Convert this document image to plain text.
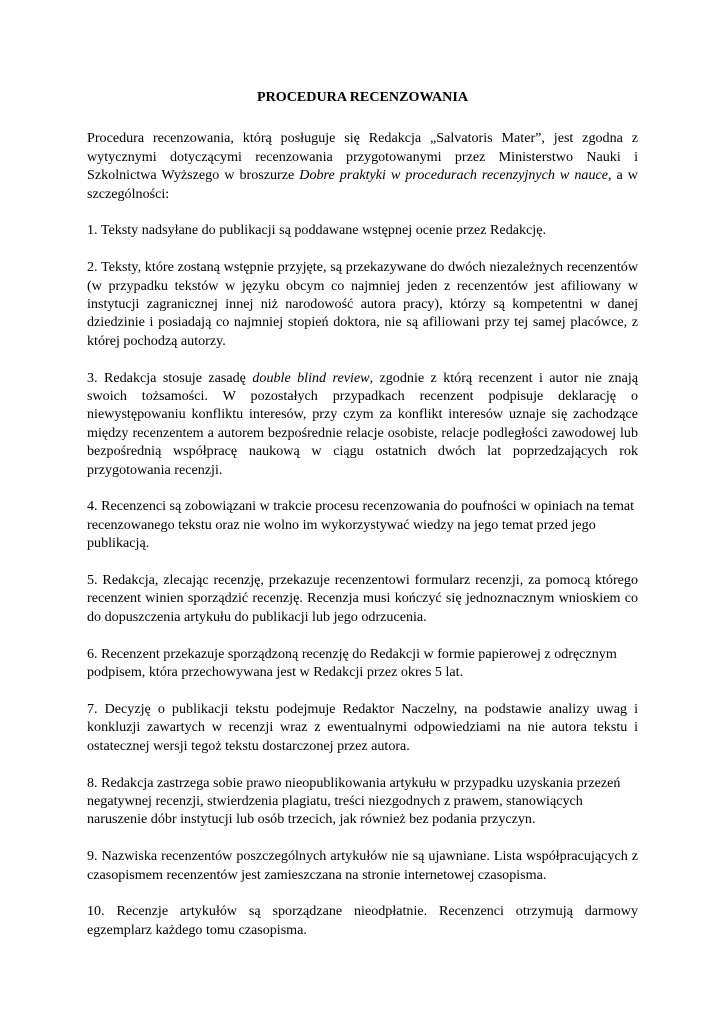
PROCEDURA RECENZOWANIA

Procedura recenzowania, którą posługuje się Redakcja „Salvatoris Mater”, jest zgodna z wytycznymi dotyczącymi recenzowania przygotowanymi przez Ministerstwo Nauki i Szkolnictwa Wyższego w broszurze Dobre praktyki w procedurach recenzyjnych w nauce, a w szczególności:

1. Teksty nadsyłane do publikacji są poddawane wstępnej ocenie przez Redakcję.

2. Teksty, które zostaną wstępnie przyjęte, są przekazywane do dwóch niezależnych recenzentów (w przypadku tekstów w języku obcym co najmniej jeden z recenzentów jest afiliowany w instytucji zagranicznej innej niż narodowość autora pracy), którzy są kompetentni w danej dziedzinie i posiadają co najmniej stopień doktora, nie są afiliowani przy tej samej placówce, z której pochodzą autorzy.

3. Redakcja stosuje zasadę double blind review, zgodnie z którą recenzent i autor nie znają swoich tożsamości. W pozostałych przypadkach recenzent podpisuje deklarację o niewystępowaniu konfliktu interesów, przy czym za konflikt interesów uznaje się zachodzące między recenzentem a autorem bezpośrednie relacje osobiste, relacje podległości zawodowej lub bezpośrednią współpracę naukową w ciągu ostatnich dwóch lat poprzedzających rok przygotowania recenzji.

4. Recenzenci są zobowiązani w trakcie procesu recenzowania do poufności w opiniach na temat recenzowanego tekstu oraz nie wolno im wykorzystywać wiedzy na jego temat przed jego publikacją.

5. Redakcja, zlecając recenzję, przekazuje recenzentowi formularz recenzji, za pomocą którego recenzent winien sporządzić recenzję. Recenzja musi kończyć się jednoznacznym wnioskiem co do dopuszczenia artykułu do publikacji lub jego odrzucenia.

6. Recenzent przekazuje sporządzoną recenzję do Redakcji w formie papierowej z odręcznym podpisem, która przechowywana jest w Redakcji przez okres 5 lat.

7. Decyzję o publikacji tekstu podejmuje Redaktor Naczelny, na podstawie analizy uwag i konkluzji zawartych w recenzji wraz z ewentualnymi odpowiedziami na nie autora tekstu i ostatecznej wersji tegoż tekstu dostarczonej przez autora.

8. Redakcja zastrzega sobie prawo nieopublikowania artykułu w przypadku uzyskania przezeń negatywnej recenzji, stwierdzenia plagiatu, treści niezgodnych z prawem, stanowiących naruszenie dóbr instytucji lub osób trzecich, jak również bez podania przyczyn.

9. Nazwiska recenzentów poszczególnych artykułów nie są ujawniane. Lista współpracujących z czasopismem recenzentów jest zamieszczana na stronie internetowej czasopisma.

10. Recenzje artykułów są sporządzane nieodpłatnie. Recenzenci otrzymują darmowy egzemplarz każdego tomu czasopisma.
